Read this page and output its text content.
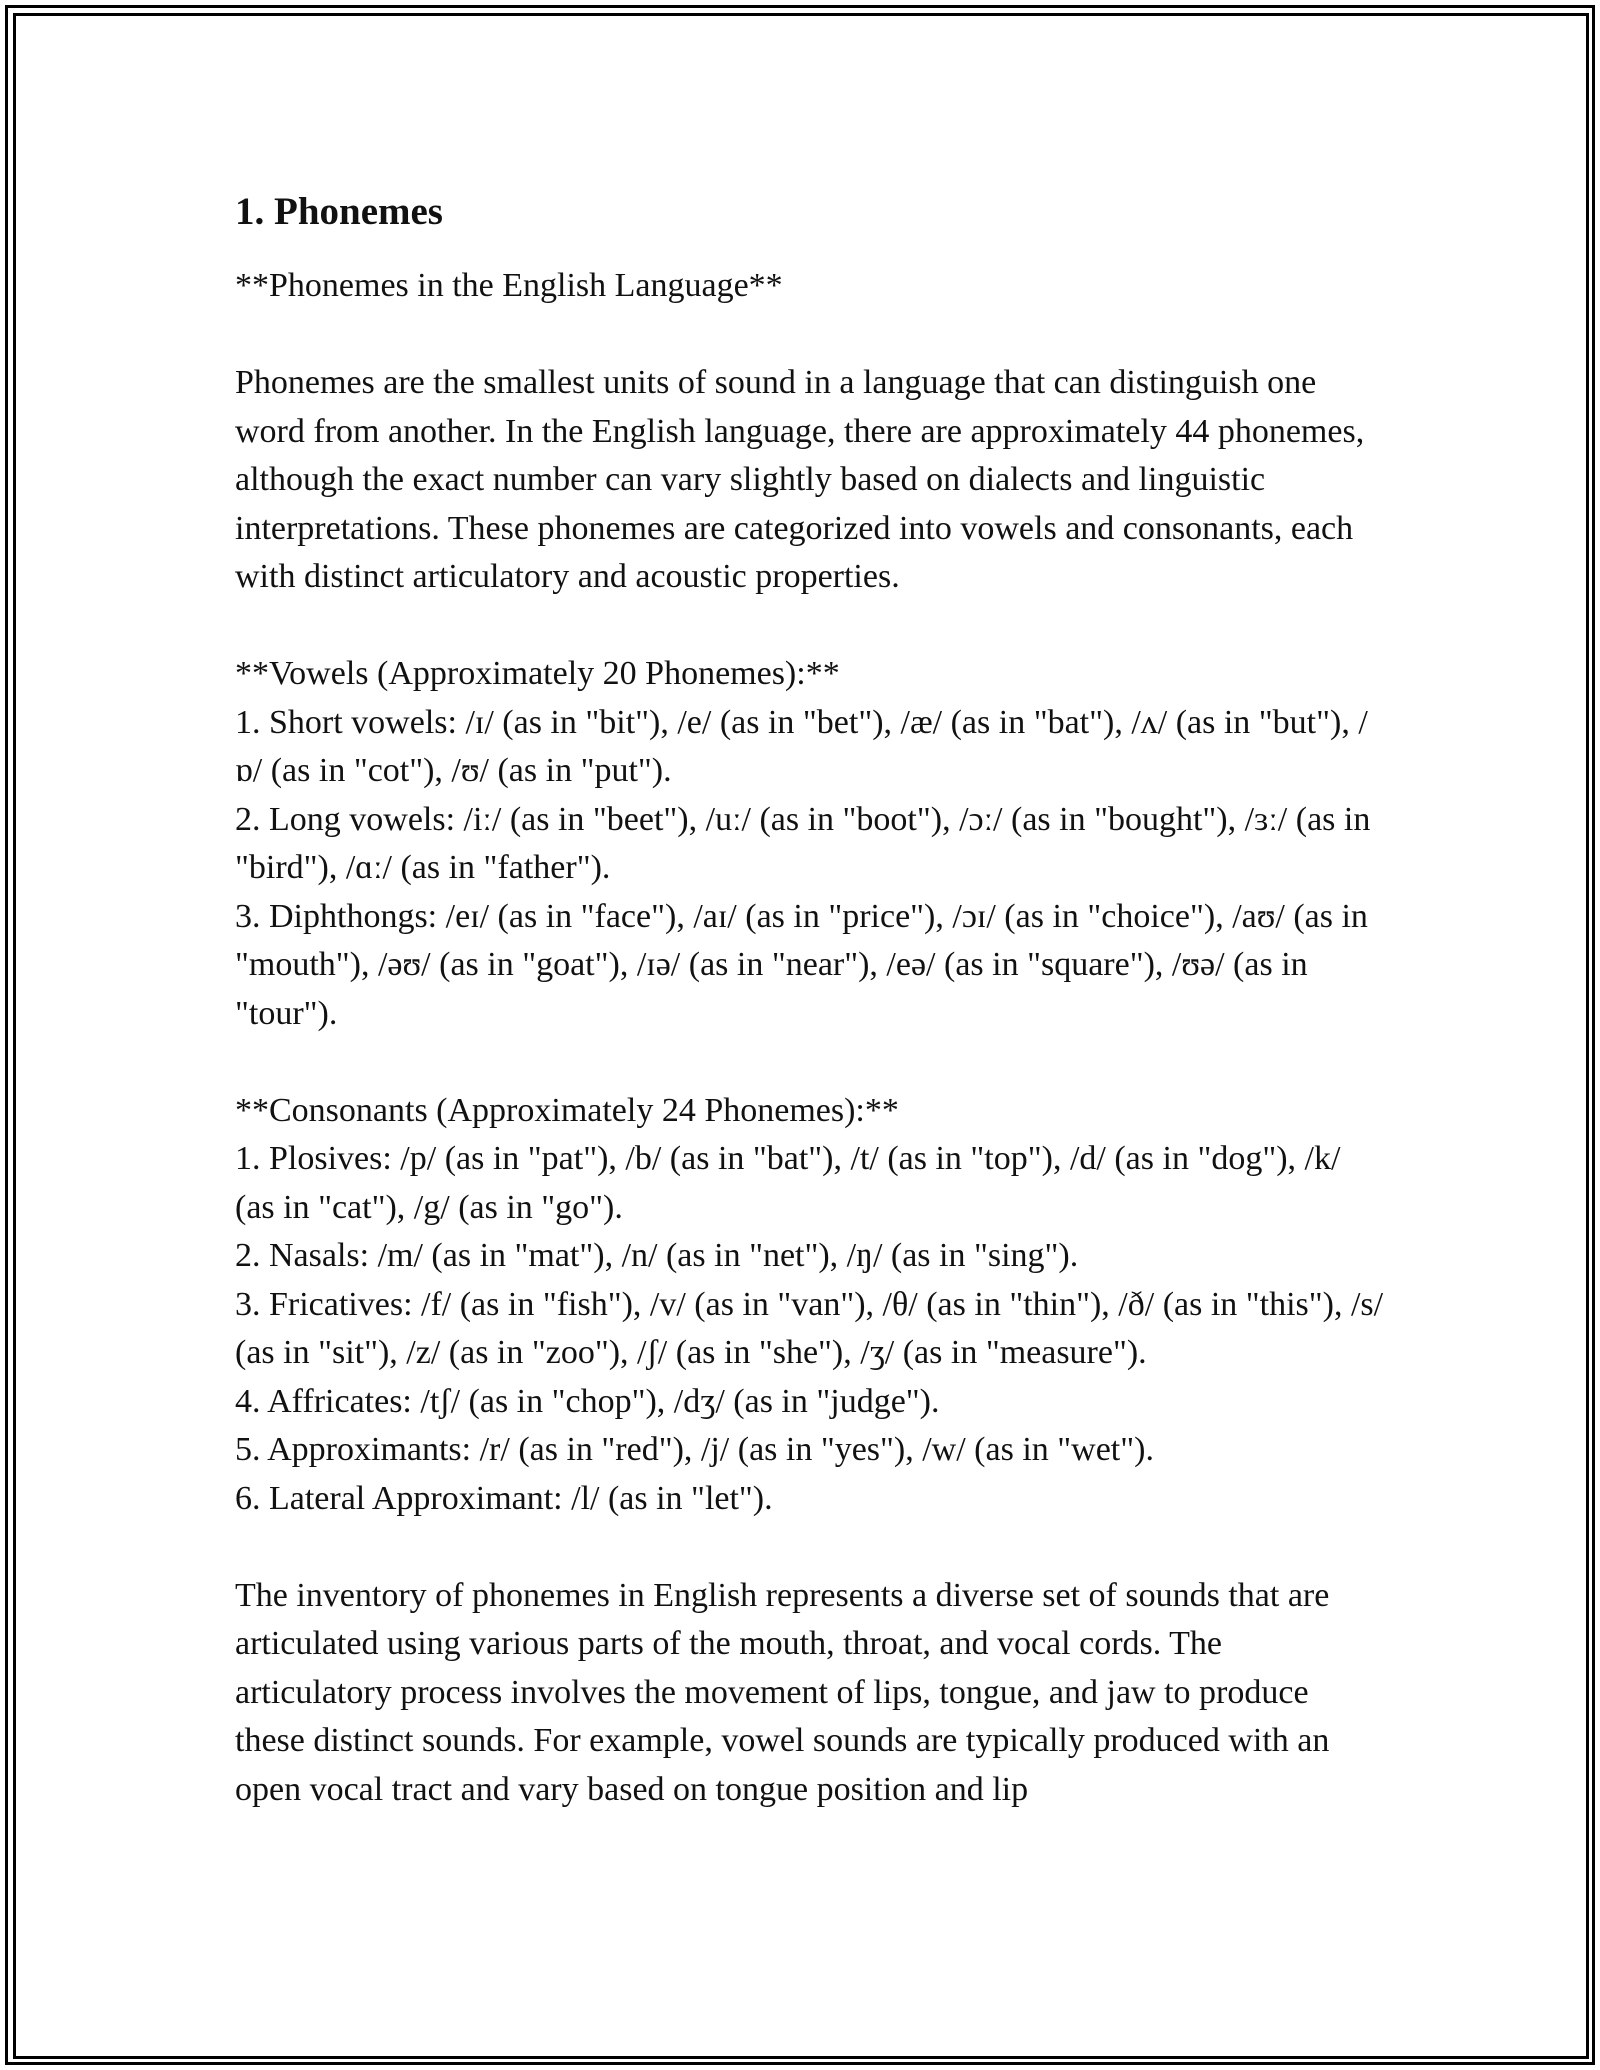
1. Phonemes

**Phonemes in the English Language**

Phonemes are the smallest units of sound in a language that can distinguish one word from another. In the English language, there are approximately 44 phonemes, although the exact number can vary slightly based on dialects and linguistic interpretations. These phonemes are categorized into vowels and consonants, each with distinct articulatory and acoustic properties.

**Vowels (Approximately 20 Phonemes):**

1. Short vowels: /ɪ/ (as in "bit"), /e/ (as in "bet"), /æ/ (as in "bat"), /ʌ/ (as in "but"), /ɒ/ (as in "cot"), /ʊ/ (as in "put").

2. Long vowels: /iː/ (as in "beet"), /uː/ (as in "boot"), /ɔː/ (as in "bought"), /ɜː/ (as in "bird"), /ɑː/ (as in "father").

3. Diphthongs: /eɪ/ (as in "face"), /aɪ/ (as in "price"), /ɔɪ/ (as in "choice"), /aʊ/ (as in "mouth"), /əʊ/ (as in "goat"), /ɪə/ (as in "near"), /eə/ (as in "square"), /ʊə/ (as in "tour").

**Consonants (Approximately 24 Phonemes):**

1. Plosives: /p/ (as in "pat"), /b/ (as in "bat"), /t/ (as in "top"), /d/ (as in "dog"), /k/ (as in "cat"), /g/ (as in "go").

2. Nasals: /m/ (as in "mat"), /n/ (as in "net"), /ŋ/ (as in "sing").

3. Fricatives: /f/ (as in "fish"), /v/ (as in "van"), /θ/ (as in "thin"), /ð/ (as in "this"), /s/ (as in "sit"), /z/ (as in "zoo"), /ʃ/ (as in "she"), /ʒ/ (as in "measure").

4. Affricates: /tʃ/ (as in "chop"), /dʒ/ (as in "judge").

5. Approximants: /r/ (as in "red"), /j/ (as in "yes"), /w/ (as in "wet").

6. Lateral Approximant: /l/ (as in "let").

The inventory of phonemes in English represents a diverse set of sounds that are articulated using various parts of the mouth, throat, and vocal cords. The articulatory process involves the movement of lips, tongue, and jaw to produce these distinct sounds. For example, vowel sounds are typically produced with an open vocal tract and vary based on tongue position and lip
